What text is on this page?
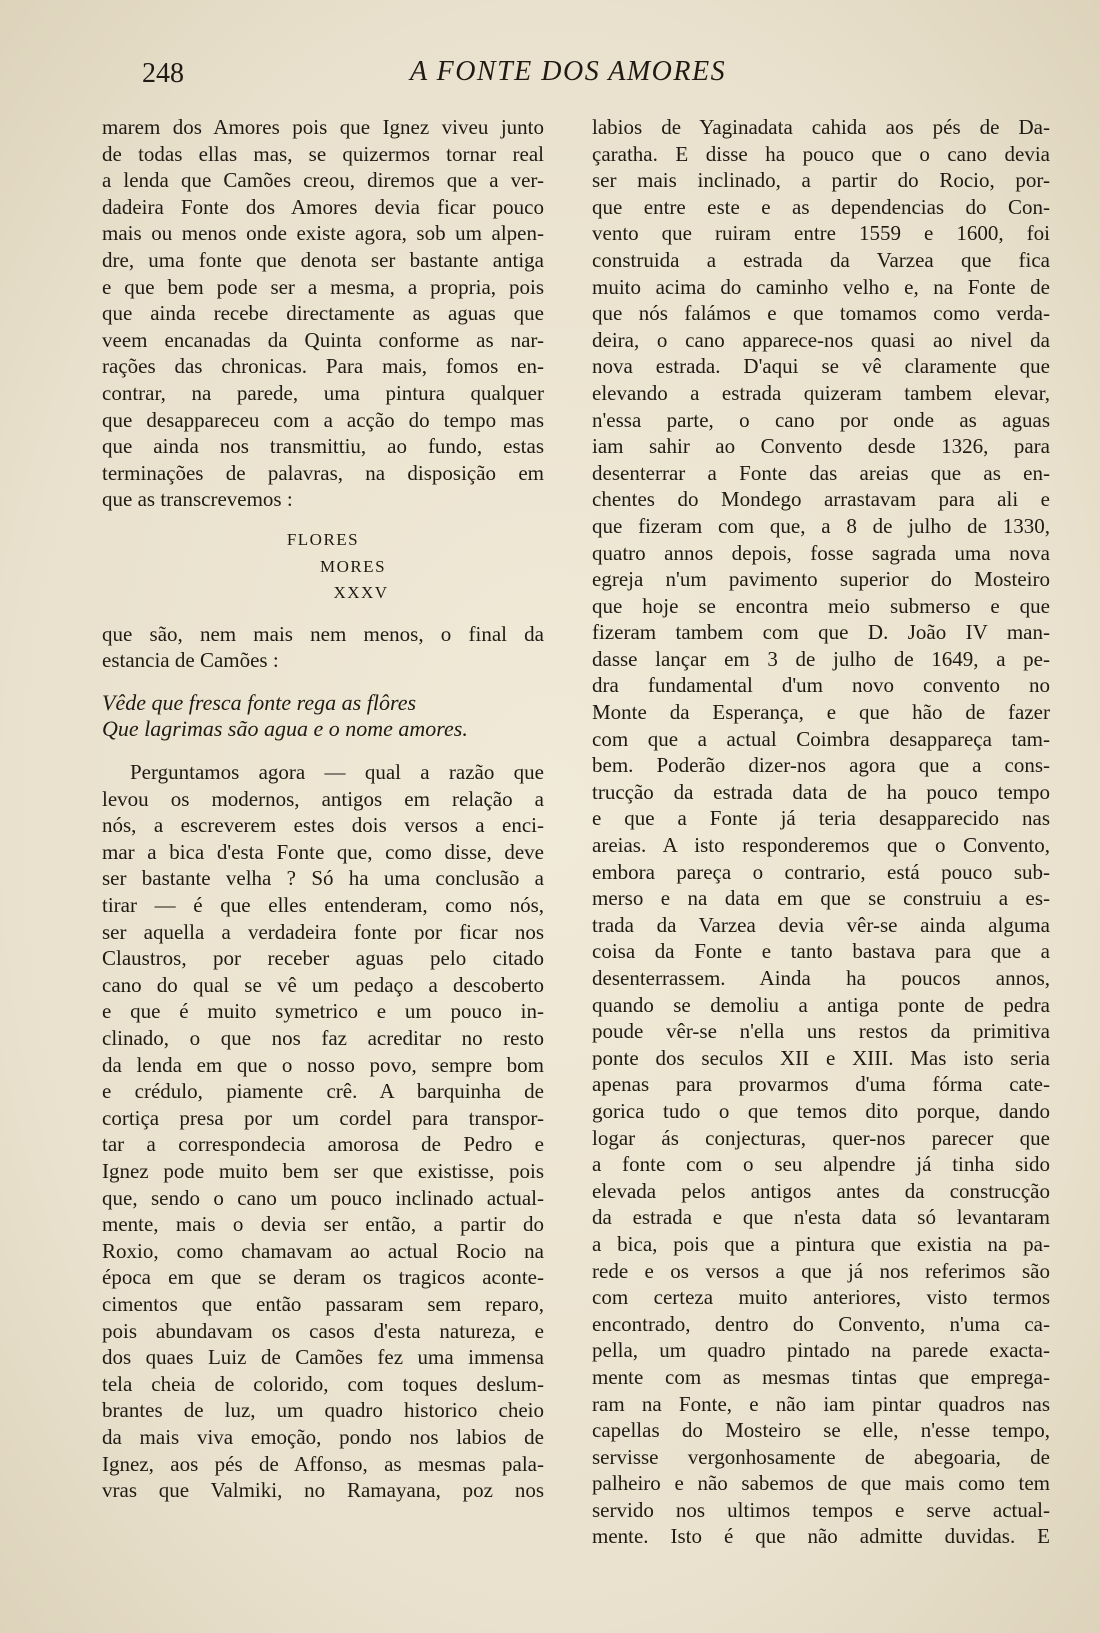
248	A FONTE DOS AMORES
marem dos Amores pois que Ignez viveu junto
de todas ellas mas, se quizermos tornar real
a lenda que Camões creou, diremos que a ver-
dadeira Fonte dos Amores devia ficar pouco
mais ou menos onde existe agora, sob um alpen-
dre, uma fonte que denota ser bastante antiga
e que bem pode ser a mesma, a propria, pois
que ainda recebe directamente as aguas que
veem encanadas da Quinta conforme as nar-
rações das chronicas. Para mais, fomos en-
contrar, na parede, uma pintura qualquer
que desappareceu com a acção do tempo mas
que ainda nos transmittiu, ao fundo, estas
terminações de palavras, na disposição em
que as transcrevemos :
FLORES
MORES
XXXV
que são, nem mais nem menos, o final da
estancia de Camões :
Vêde que fresca fonte rega as flôres
Que lagrimas são agua e o nome amores.
Perguntamos agora — qual a razão que
levou os modernos, antigos em relação a
nós, a escreverem estes dois versos a enci-
mar a bica d'esta Fonte que, como disse, deve
ser bastante velha ? Só ha uma conclusão a
tirar — é que elles entenderam, como nós,
ser aquella a verdadeira fonte por ficar nos
Claustros, por receber aguas pelo citado
cano do qual se vê um pedaço a descoberto
e que é muito symetrico e um pouco in-
clinado, o que nos faz acreditar no resto
da lenda em que o nosso povo, sempre bom
e crédulo, piamente crê. A barquinha de
cortiça presa por um cordel para transpor-
tar a correspondecia amorosa de Pedro e
Ignez pode muito bem ser que existisse, pois
que, sendo o cano um pouco inclinado actual-
mente, mais o devia ser então, a partir do
Roxio, como chamavam ao actual Rocio na
época em que se deram os tragicos aconte-
cimentos que então passaram sem reparo,
pois abundavam os casos d'esta natureza, e
dos quaes Luiz de Camões fez uma immensa
tela cheia de colorido, com toques deslum-
brantes de luz, um quadro historico cheio
da mais viva emoção, pondo nos labios de
Ignez, aos pés de Affonso, as mesmas pala-
vras que Valmiki, no Ramayana, poz nos
labios de Yaginadata cahida aos pés de Da-
çaratha. E disse ha pouco que o cano devia
ser mais inclinado, a partir do Rocio, por-
que entre este e as dependencias do Con-
vento que ruiram entre 1559 e 1600, foi
construida a estrada da Varzea que fica
muito acima do caminho velho e, na Fonte de
que nós falámos e que tomamos como verda-
deira, o cano apparece-nos quasi ao nivel da
nova estrada. D'aqui se vê claramente que
elevando a estrada quizeram tambem elevar,
n'essa parte, o cano por onde as aguas
iam sahir ao Convento desde 1326, para
desenterrar a Fonte das areias que as en-
chentes do Mondego arrastavam para ali e
que fizeram com que, a 8 de julho de 1330,
quatro annos depois, fosse sagrada uma nova
egreja n'um pavimento superior do Mosteiro
que hoje se encontra meio submerso e que
fizeram tambem com que D. João IV man-
dasse lançar em 3 de julho de 1649, a pe-
dra fundamental d'um novo convento no
Monte da Esperança, e que hão de fazer
com que a actual Coimbra desappareça tam-
bem. Poderão dizer-nos agora que a cons-
trucção da estrada data de ha pouco tempo
e que a Fonte já teria desapparecido nas
areias. A isto responderemos que o Convento,
embora pareça o contrario, está pouco sub-
merso e na data em que se construiu a es-
trada da Varzea devia vêr-se ainda alguma
coisa da Fonte e tanto bastava para que a
desenterrassem. Ainda ha poucos annos,
quando se demoliu a antiga ponte de pedra
poude vêr-se n'ella uns restos da primitiva
ponte dos seculos XII e XIII. Mas isto seria
apenas para provarmos d'uma fórma cate-
gorica tudo o que temos dito porque, dando
logar ás conjecturas, quer-nos parecer que
a fonte com o seu alpendre já tinha sido
elevada pelos antigos antes da construcção
da estrada e que n'esta data só levantaram
a bica, pois que a pintura que existia na pa-
rede e os versos a que já nos referimos são
com certeza muito anteriores, visto termos
encontrado, dentro do Convento, n'uma ca-
pella, um quadro pintado na parede exacta-
mente com as mesmas tintas que emprega-
ram na Fonte, e não iam pintar quadros nas
capellas do Mosteiro se elle, n'esse tempo,
servisse vergonhosamente de abegoaria, de
palheiro e não sabemos de que mais como tem
servido nos ultimos tempos e serve actual-
mente. Isto é que não admitte duvidas. E
